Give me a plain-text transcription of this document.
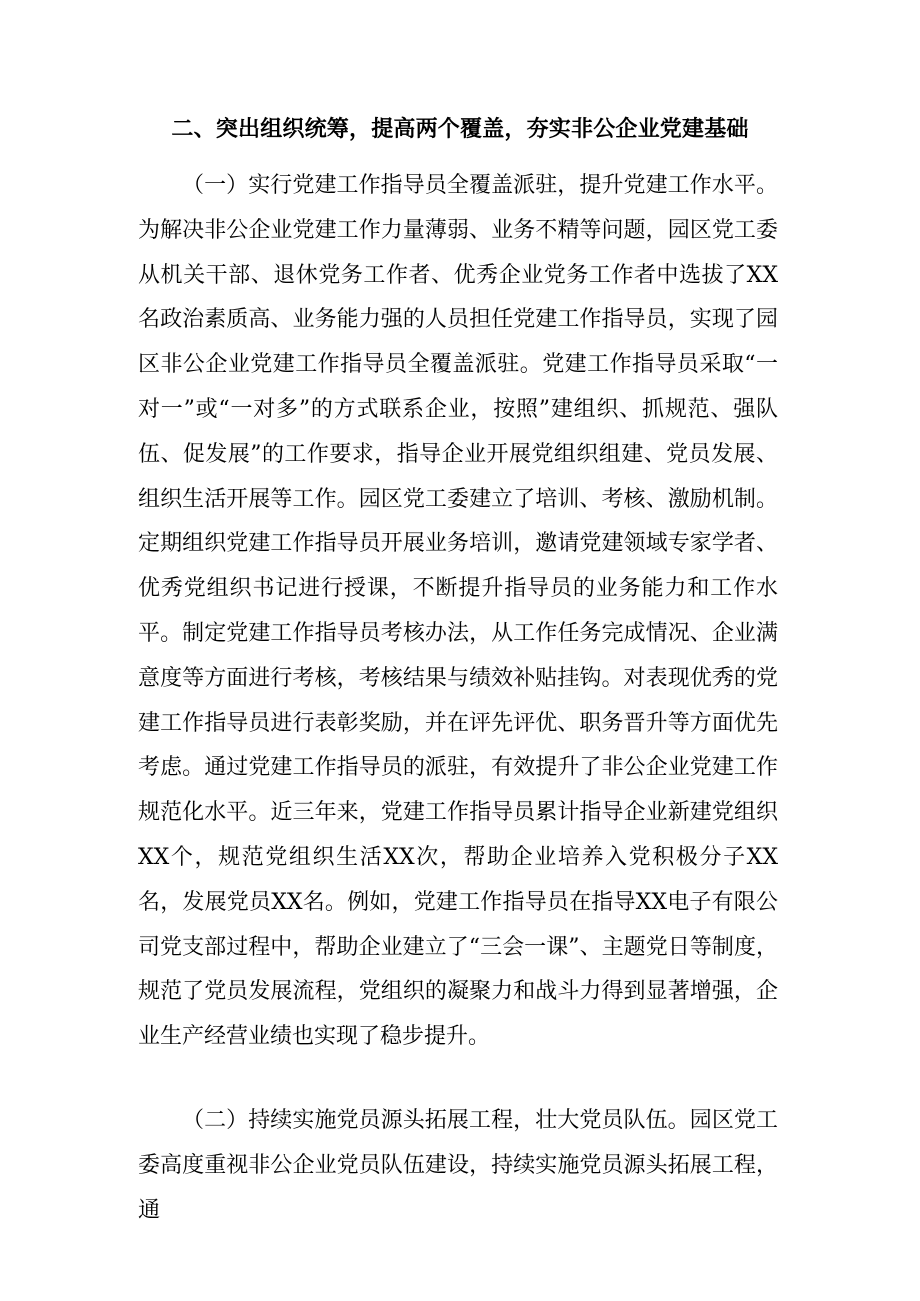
二、突出组织统筹，提高两个覆盖，夯实非公企业党建基础

（一）实行党建工作指导员全覆盖派驻，提升党建工作水平。为解决非公企业党建工作力量薄弱、业务不精等问题，园区党工委从机关干部、退休党务工作者、优秀企业党务工作者中选拔了XX名政治素质高、业务能力强的人员担任党建工作指导员，实现了园区非公企业党建工作指导员全覆盖派驻。党建工作指导员采取“一对一”或“一对多”的方式联系企业，按照”建组织、抓规范、强队伍、促发展”的工作要求，指导企业开展党组织组建、党员发展、组织生活开展等工作。园区党工委建立了培训、考核、激励机制。定期组织党建工作指导员开展业务培训，邀请党建领域专家学者、优秀党组织书记进行授课，不断提升指导员的业务能力和工作水平。制定党建工作指导员考核办法，从工作任务完成情况、企业满意度等方面进行考核，考核结果与绩效补贴挂钩。对表现优秀的党建工作指导员进行表彰奖励，并在评先评优、职务晋升等方面优先考虑。通过党建工作指导员的派驻，有效提升了非公企业党建工作规范化水平。近三年来，党建工作指导员累计指导企业新建党组织XX个，规范党组织生活XX次，帮助企业培养入党积极分子XX名，发展党员XX名。例如，党建工作指导员在指导XX电子有限公司党支部过程中，帮助企业建立了“三会一课”、主题党日等制度，规范了党员发展流程，党组织的凝聚力和战斗力得到显著增强，企业生产经营业绩也实现了稳步提升。

（二）持续实施党员源头拓展工程，壮大党员队伍。园区党工委高度重视非公企业党员队伍建设，持续实施党员源头拓展工程，通
